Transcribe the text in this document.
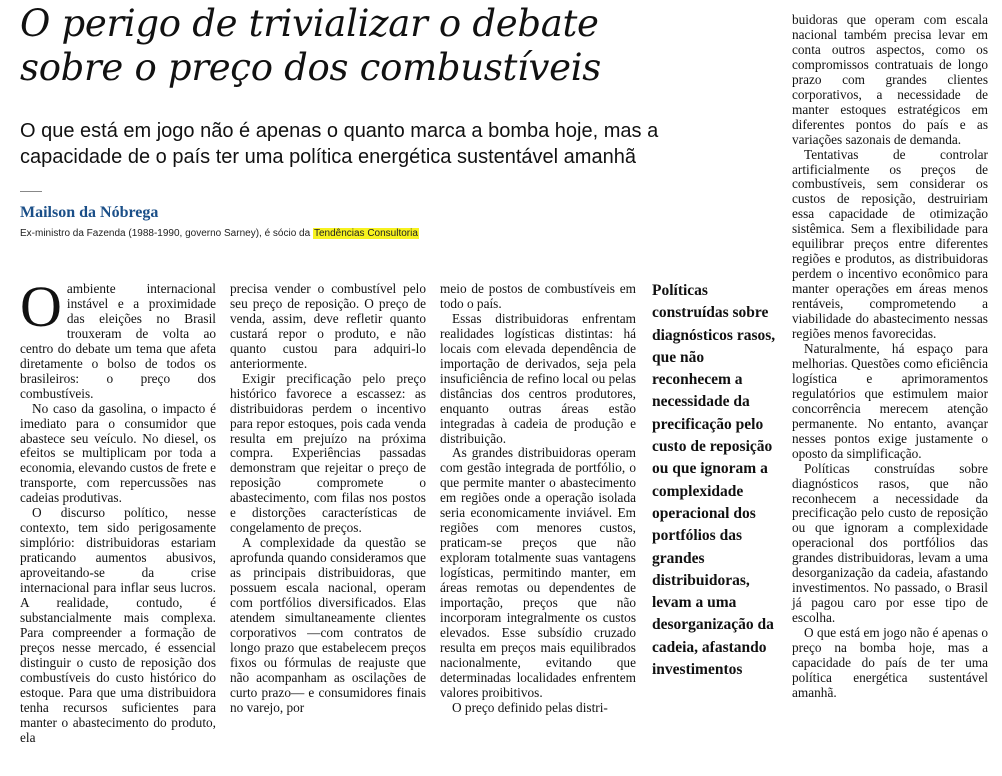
O perigo de trivializar o debate
sobre o preço dos combustíveis

O que está em jogo não é apenas o quanto marca a bomba hoje, mas a
capacidade de o país ter uma política energética sustentável amanhã

Mailson da Nóbrega
Ex-ministro da Fazenda (1988-1990, governo Sarney), é sócio da Tendências Consultoria

Oambiente internacional instável e a proximidade das eleições no Brasil trouxeram de volta ao centro do debate um tema que afeta diretamente o bolso de todos os brasileiros: o preço dos combustíveis.

No caso da gasolina, o impacto é imediato para o consumidor que abastece seu veículo. No diesel, os efeitos se multiplicam por toda a economia, elevando custos de frete e transporte, com repercussões nas cadeias produtivas.

O discurso político, nesse contexto, tem sido perigosamente simplório: distribuidoras estariam praticando aumentos abusivos, aproveitando-se da crise internacional para inflar seus lucros. A realidade, contudo, é substancialmente mais complexa. Para compreender a formação de preços nesse mercado, é essencial distinguir o custo de reposição dos combustíveis do custo histórico do estoque. Para que uma distribuidora tenha recursos suficientes para manter o abastecimento do produto, ela

precisa vender o combustível pelo seu preço de reposição. O preço de venda, assim, deve refletir quanto custará repor o produto, e não quanto custou para adquiri-lo anteriormente.

Exigir precificação pelo preço histórico favorece a escassez: as distribuidoras perdem o incentivo para repor estoques, pois cada venda resulta em prejuízo na próxima compra. Experiências passadas demonstram que rejeitar o preço de reposição compromete o abastecimento, com filas nos postos e distorções características de congelamento de preços.

A complexidade da questão se aprofunda quando consideramos que as principais distribuidoras, que possuem escala nacional, operam com portfólios diversificados. Elas atendem simultaneamente clientes corporativos —com contratos de longo prazo que estabelecem preços fixos ou fórmulas de reajuste que não acompanham as oscilações de curto prazo— e consumidores finais no varejo, por

meio de postos de combustíveis em todo o país.

Essas distribuidoras enfrentam realidades logísticas distintas: há locais com elevada dependência de importação de derivados, seja pela insuficiência de refino local ou pelas distâncias dos centros produtores, enquanto outras áreas estão integradas à cadeia de produção e distribuição.

As grandes distribuidoras operam com gestão integrada de portfólio, o que permite manter o abastecimento em regiões onde a operação isolada seria economicamente inviável. Em regiões com menores custos, praticam-se preços que não exploram totalmente suas vantagens logísticas, permitindo manter, em áreas remotas ou dependentes de importação, preços que não incorporam integralmente os custos elevados. Esse subsídio cruzado resulta em preços mais equilibrados nacionalmente, evitando que determinadas localidades enfrentem valores proibitivos.

O preço definido pelas distri-

Políticas construídas sobre diagnósticos rasos, que não reconhecem a necessidade da precificação pelo custo de reposição ou que ignoram a complexidade operacional dos portfólios das grandes distribuidoras, levam a uma desorganização da cadeia, afastando investimentos

buidoras que operam com escala nacional também precisa levar em conta outros aspectos, como os compromissos contratuais de longo prazo com grandes clientes corporativos, a necessidade de manter estoques estratégicos em diferentes pontos do país e as variações sazonais de demanda.

Tentativas de controlar artificialmente os preços de combustíveis, sem considerar os custos de reposição, destruiriam essa capacidade de otimização sistêmica. Sem a flexibilidade para equilibrar preços entre diferentes regiões e produtos, as distribuidoras perdem o incentivo econômico para manter operações em áreas menos rentáveis, comprometendo a viabilidade do abastecimento nessas regiões menos favorecidas.

Naturalmente, há espaço para melhorias. Questões como eficiência logística e aprimoramentos regulatórios que estimulem maior concorrência merecem atenção permanente. No entanto, avançar nesses pontos exige justamente o oposto da simplificação.

Políticas construídas sobre diagnósticos rasos, que não reconhecem a necessidade da precificação pelo custo de reposição ou que ignoram a complexidade operacional dos portfólios das grandes distribuidoras, levam a uma desorganização da cadeia, afastando investimentos. No passado, o Brasil já pagou caro por esse tipo de escolha.

O que está em jogo não é apenas o preço na bomba hoje, mas a capacidade do país de ter uma política energética sustentável amanhã.
